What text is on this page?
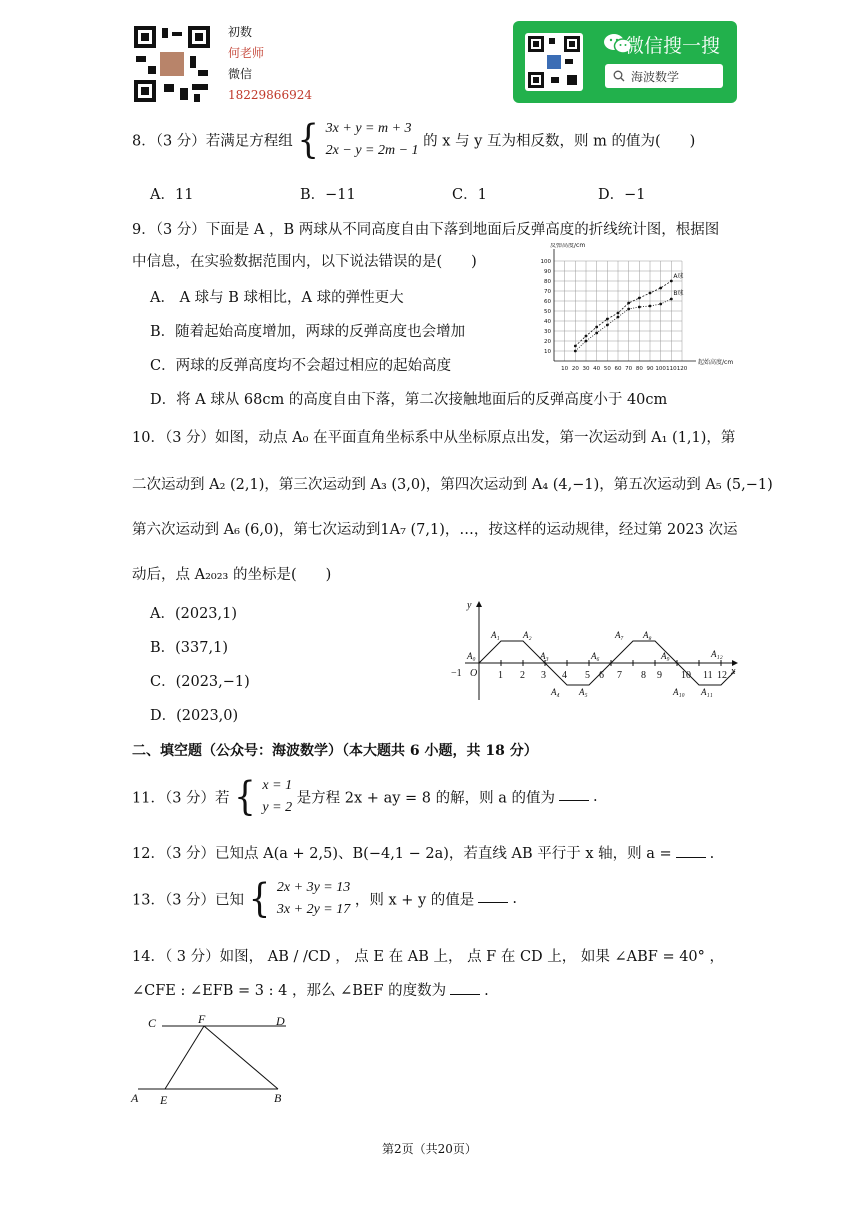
初数
何老师
微信
18229866924
微信搜一搜
海波数学
8．（3 分）若满足方程组 { 3x + y = m + 3
2x − y = 2m − 1
的 x 与 y 互为相反数，则 m 的值为(　　)
A．11	B．−11	C．1	D．−1
9．（3 分）下面是 A ，B 两球从不同高度自由下落到地面后反弹高度的折线统计图，根据图
中信息，在实验数据范围内，以下说法错误的是(　　)
A． A 球与 B 球相比，A 球的弹性更大
B．随着起始高度增加，两球的反弹高度也会增加
C．两球的反弹高度均不会超过相应的起始高度
D．将 A 球从 68cm 的高度自由下落，第二次接触地面后的反弹高度小于 40cm
10 20 30 40 50 60 70 80 90 100 110 120
10
20
30
40
50
60
70
80
90
100
反弹高度/cm
起始高度/cm
A球
B球
10．（3 分）如图，动点 A₀ 在平面直角坐标系中从坐标原点出发，第一次运动到 A₁ (1,1)，第
二次运动到 A₂ (2,1)，第三次运动到 A₃ (3,0)，第四次运动到 A₄ (4,−1)，第五次运动到 A₅ (5,−1)
第六次运动到 A₆ (6,0)，第七次运动到1A₇ (7,1)，…，按这样的运动规律，经过第 2023 次运
动后，点 A₂₀₂₃ 的坐标是(　　)
A．(2023,1)
B．(337,1)
C．(2023,−1)
D．(2023,0)
y
x
O
−1	1 2 3 4 5 6 7 8 9 10 11 12
A₀
A₁	A₂
A₃
A₄ A₅
A₆
A₇ A₈
A₉
A₁₀ A₁₁
A₁₂
二、填空题（公众号：海波数学）（本大题共 6 小题，共 18 分）
11．（3 分）若 { x = 1
y = 2
是方程 2x + ay = 8 的解，则 a 的值为	.
12．（3 分）已知点 A(a + 2,5)、B(−4,1 − 2a)，若直线 AB 平行于 x 轴，则 a =	.
13．（3 分）已知 { 2x + 3y = 13
3x + 2y = 17
，则 x + y 的值是	.
14．（ 3 分）如图， AB / /CD ， 点 E 在 AB 上， 点 F 在 CD 上， 如果 ∠ABF = 40° ，
∠CFE : ∠EFB = 3 : 4 ，那么 ∠BEF 的度数为	.
C	F	D
A E	B
第2页（共20页）
